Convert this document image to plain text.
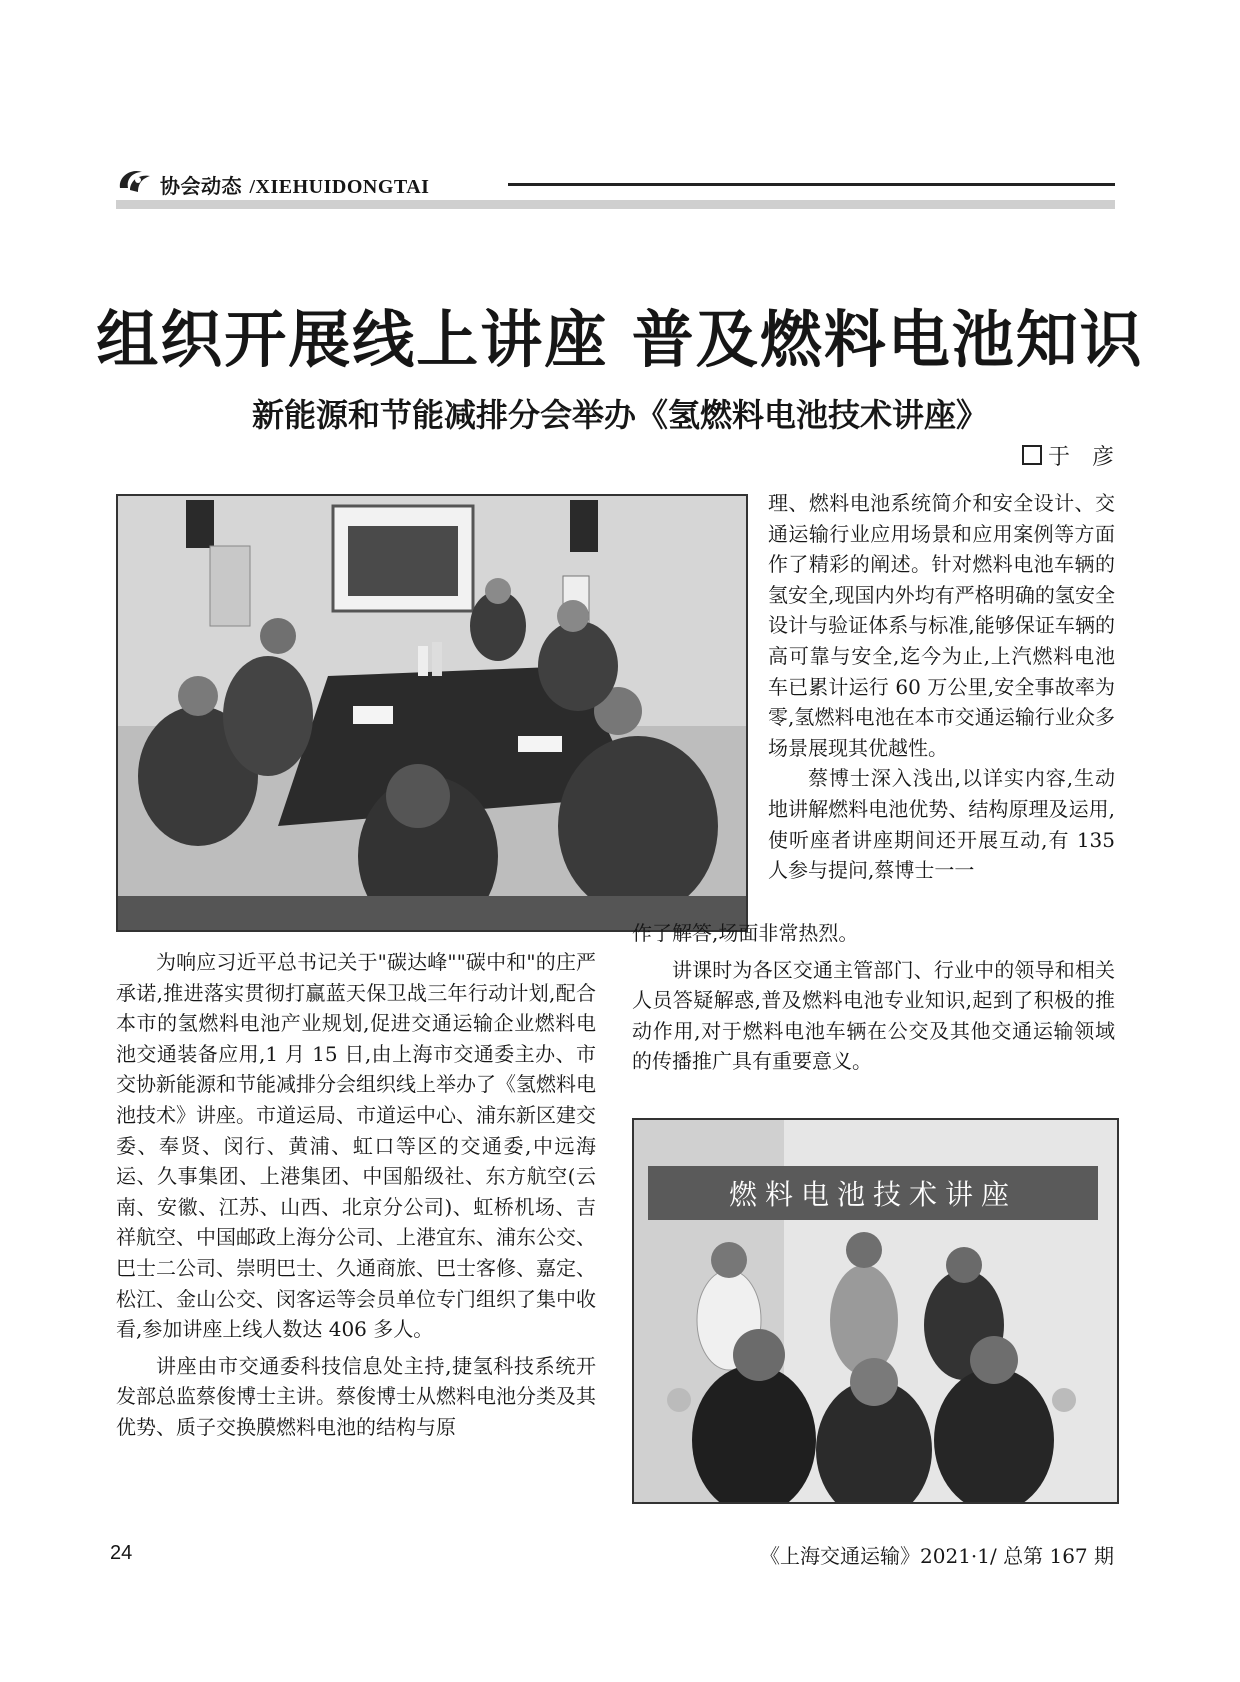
协会动态 /XIEHUIDONGTAI
组织开展线上讲座 普及燃料电池知识
新能源和节能减排分会举办《氢燃料电池技术讲座》
于　彦

理、燃料电池系统简介和安全设计、交通运输行业应用场景和应用案例等方面作了精彩的阐述。针对燃料电池车辆的氢安全,现国内外均有严格明确的氢安全设计与验证体系与标准,能够保证车辆的高可靠与安全,迄今为止,上汽燃料电池车已累计运行 60 万公里,安全事故率为零,氢燃料电池在本市交通运输行业众多场景展现其优越性。

蔡博士深入浅出,以详实内容,生动地讲解燃料电池优势、结构原理及运用,使听座者讲座期间还开展互动,有 135 人参与提问,蔡博士一一

作了解答,场面非常热烈。

讲课时为各区交通主管部门、行业中的领导和相关人员答疑解惑,普及燃料电池专业知识,起到了积极的推动作用,对于燃料电池车辆在公交及其他交通运输领域的传播推广具有重要意义。

为响应习近平总书记关于"碳达峰""碳中和"的庄严承诺,推进落实贯彻打赢蓝天保卫战三年行动计划,配合本市的氢燃料电池产业规划,促进交通运输企业燃料电池交通装备应用,1 月 15 日,由上海市交通委主办、市交协新能源和节能减排分会组织线上举办了《氢燃料电池技术》讲座。市道运局、市道运中心、浦东新区建交委、奉贤、闵行、黄浦、虹口等区的交通委,中远海运、久事集团、上港集团、中国船级社、东方航空(云南、安徽、江苏、山西、北京分公司)、虹桥机场、吉祥航空、中国邮政上海分公司、上港宜东、浦东公交、巴士二公司、崇明巴士、久通商旅、巴士客修、嘉定、松江、金山公交、闵客运等会员单位专门组织了集中收看,参加讲座上线人数达 406 多人。

讲座由市交通委科技信息处主持,捷氢科技系统开发部总监蔡俊博士主讲。蔡俊博士从燃料电池分类及其优势、质子交换膜燃料电池的结构与原

燃料电池技术讲座
24	《上海交通运输》2021·1/ 总第 167 期
